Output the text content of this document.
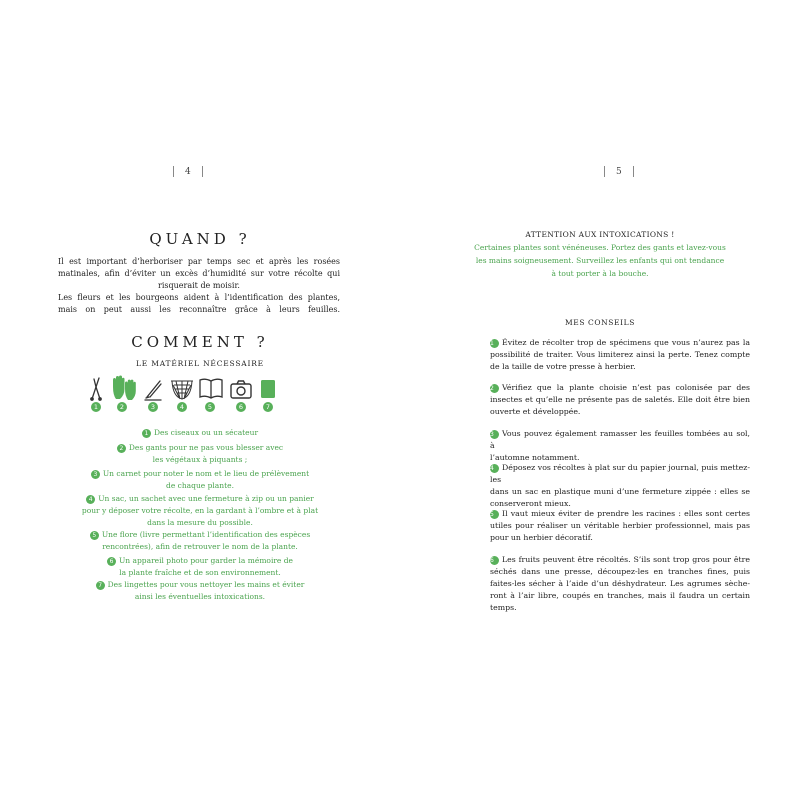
4
QUAND ?
Il est important d’herboriser par temps sec et après les rosées
matinales, afin d’éviter un excès d’humidité sur votre récolte qui
risquerait de moisir.
Les fleurs et les bourgeons aident à l’identification des plantes,
mais on peut aussi les reconnaître grâce à leurs feuilles.
COMMENT ?
LE MATÉRIEL NÉCESSAIRE
1	2	3	4	5	6	7
1 Des ciseaux ou un sécateur
2 Des gants pour ne pas vous blesser avec
les végétaux à piquants ;
3 Un carnet pour noter le nom et le lieu de prélèvement
de chaque plante.
4 Un sac, un sachet avec une fermeture à zip ou un panier
pour y déposer votre récolte, en la gardant à l’ombre et à plat
dans la mesure du possible.
5 Une flore (livre permettant l’identification des espèces
rencontrées), afin de retrouver le nom de la plante.
6 Un appareil photo pour garder la mémoire de
la plante fraîche et de son environnement.
7 Des lingettes pour vous nettoyer les mains et éviter
ainsi les éventuelles intoxications.
5
ATTENTION AUX INTOXICATIONS !
Certaines plantes sont vénéneuses. Portez des gants et lavez-vous
les mains soigneusement. Surveillez les enfants qui ont tendance
à tout porter à la bouche.
MES CONSEILS
1 Évitez de récolter trop de spécimens que vous n’aurez pas la
possibilité de traiter. Vous limiterez ainsi la perte. Tenez compte
de la taille de votre presse à herbier.
2 Vérifiez que la plante choisie n’est pas colonisée par des
insectes et qu’elle ne présente pas de saletés. Elle doit être bien
ouverte et développée.
3 Vous pouvez également ramasser les feuilles tombées au sol, à
l’automne notamment.
4 Déposez vos récoltes à plat sur du papier journal, puis mettez-les
dans un sac en plastique muni d’une fermeture zippée : elles se
conserveront mieux.
5 Il vaut mieux éviter de prendre les racines : elles sont certes
utiles pour réaliser un véritable herbier professionnel, mais pas
pour un herbier décoratif.
6 Les fruits peuvent être récoltés. S’ils sont trop gros pour être
séchés dans une presse, découpez-les en tranches fines, puis
faites-les sécher à l’aide d’un déshydrateur. Les agrumes sèche-
ront à l’air libre, coupés en tranches, mais il faudra un certain
temps.
